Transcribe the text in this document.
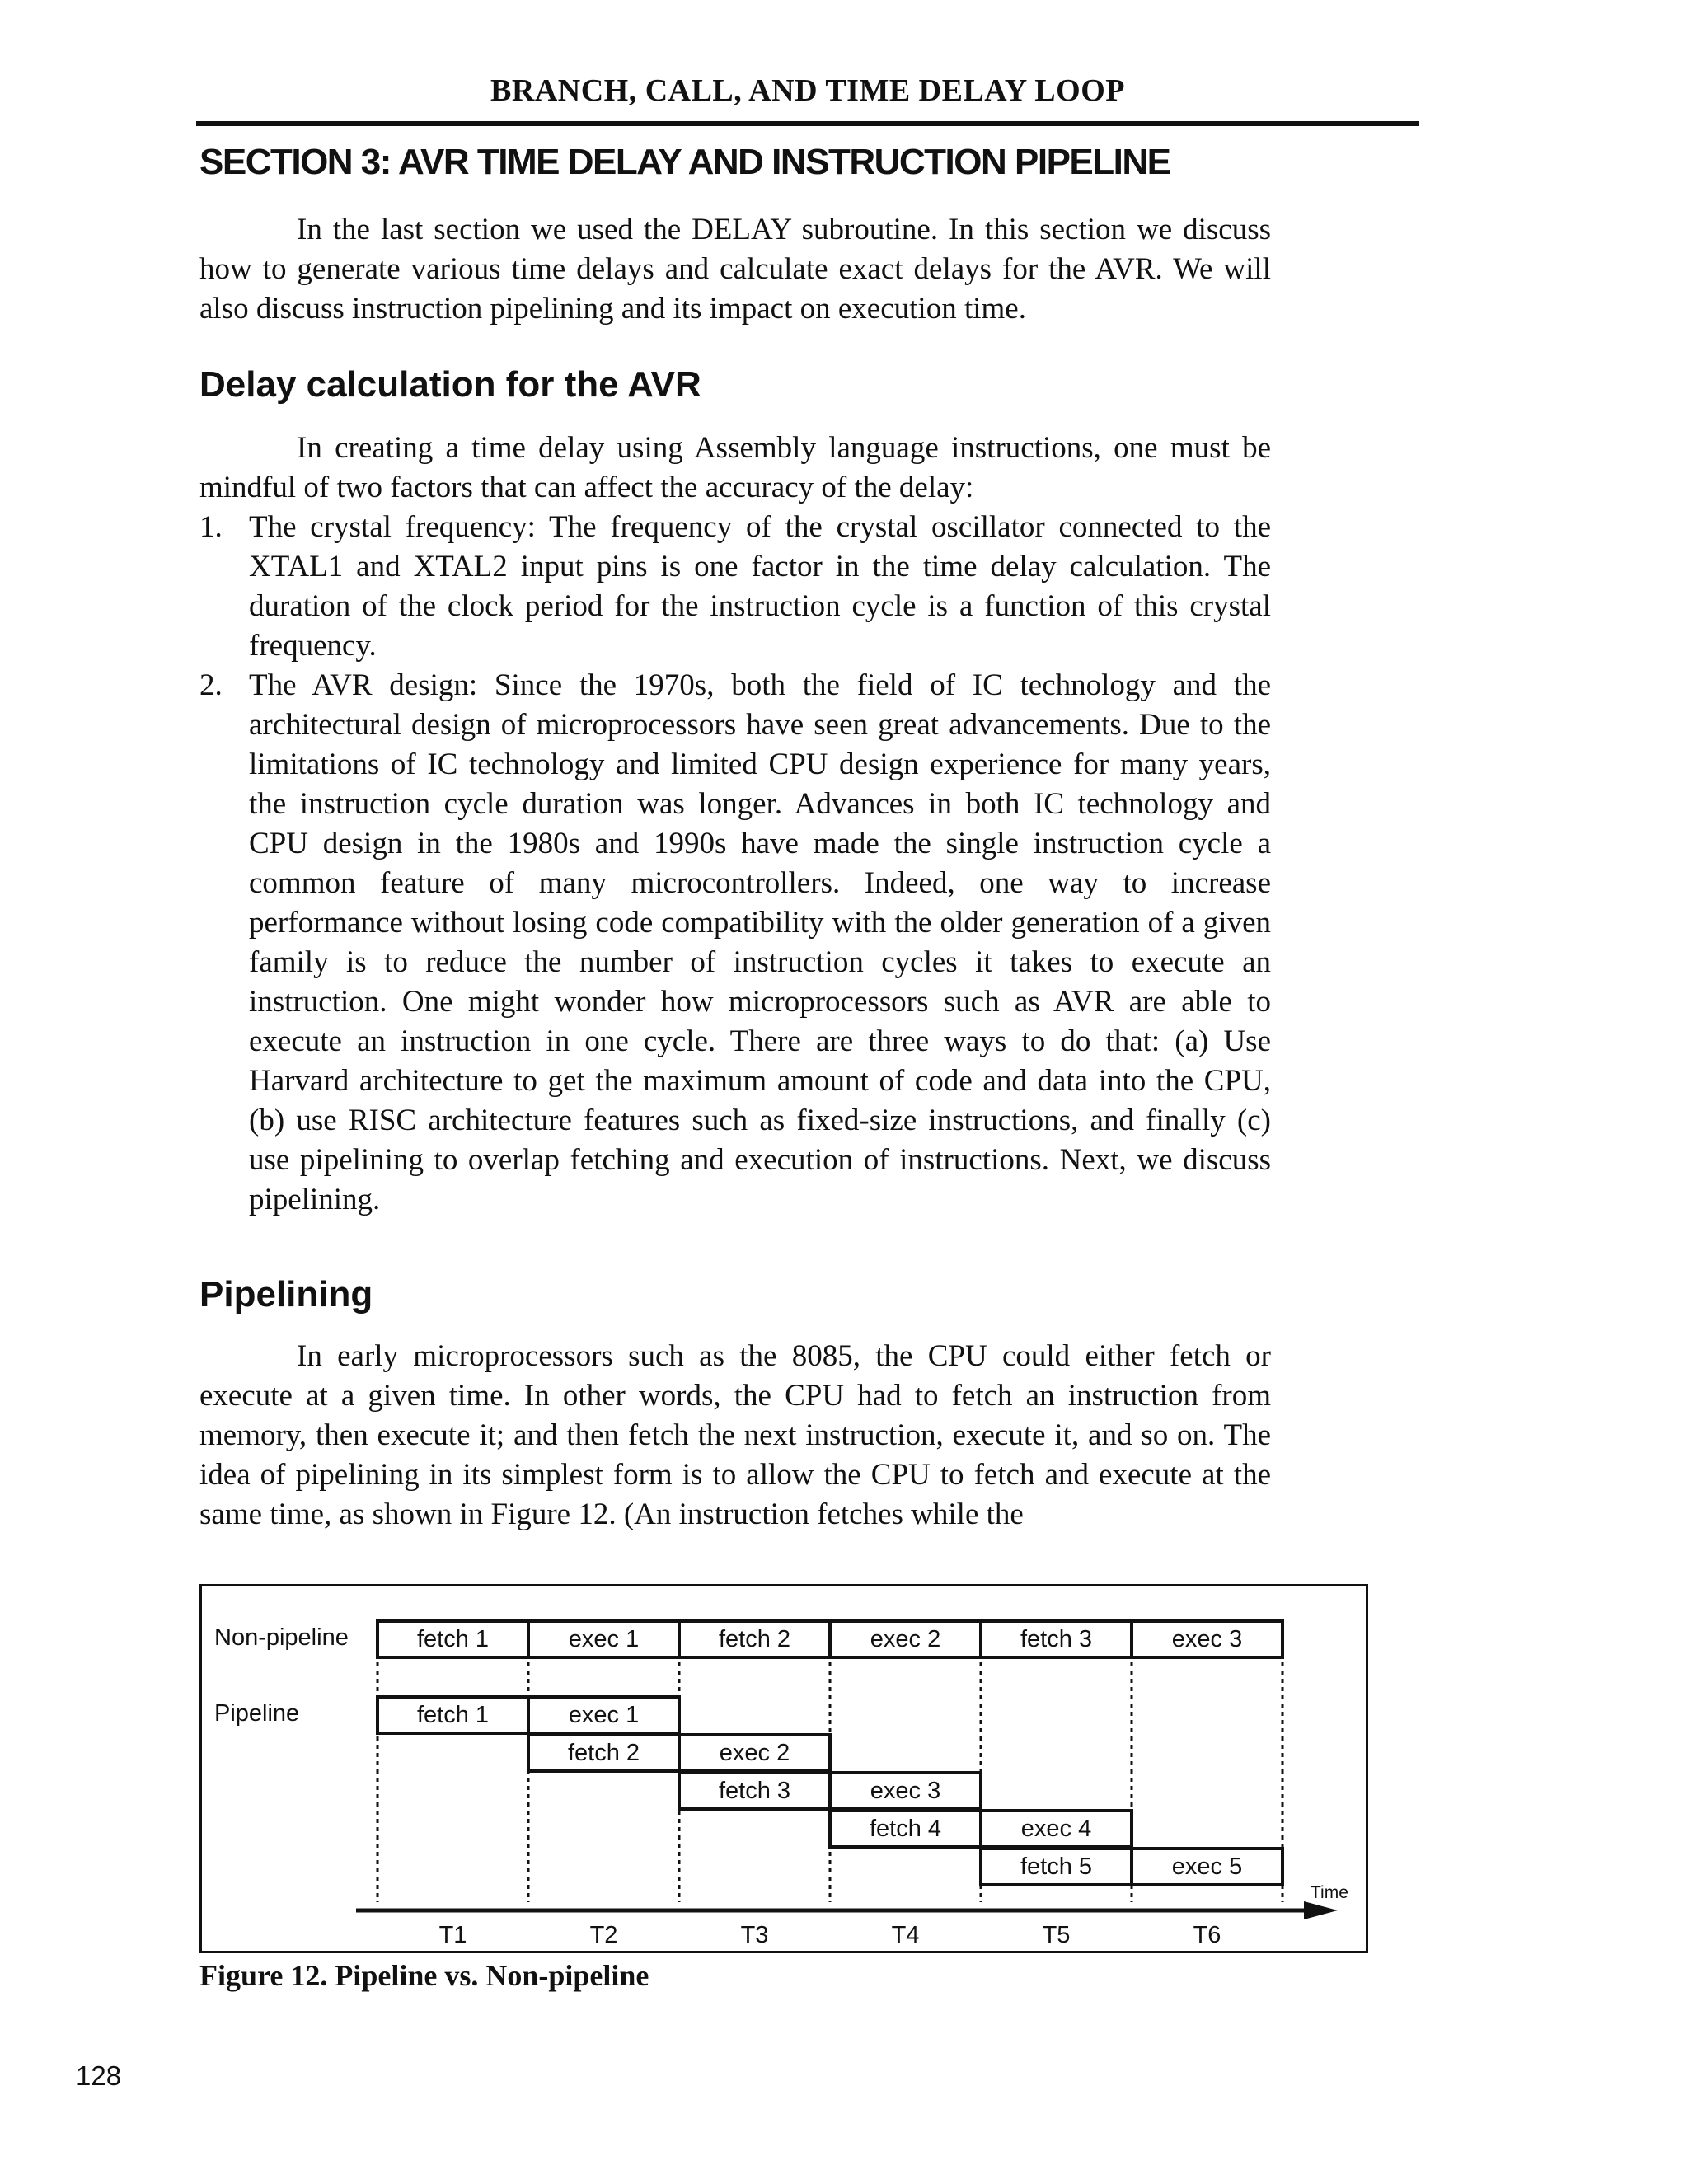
BRANCH, CALL, AND TIME DELAY LOOP
SECTION 3: AVR TIME DELAY AND INSTRUCTION PIPELINE

In the last section we used the DELAY subroutine. In this section we discuss how to generate various time delays and calculate exact delays for the AVR. We will also discuss instruction pipelining and its impact on execution time.

Delay calculation for the AVR

In creating a time delay using Assembly language instructions, one must be mindful of two factors that can affect the accuracy of the delay:

1. The crystal frequency: The frequency of the crystal oscillator connected to the XTAL1 and XTAL2 input pins is one factor in the time delay calculation. The duration of the clock period for the instruction cycle is a function of this crystal frequency.
2. The AVR design: Since the 1970s, both the field of IC technology and the architectural design of microprocessors have seen great advancements. Due to the limitations of IC technology and limited CPU design experience for many years, the instruction cycle duration was longer. Advances in both IC technology and CPU design in the 1980s and 1990s have made the single instruction cycle a common feature of many microcontrollers. Indeed, one way to increase performance without losing code compatibility with the older generation of a given family is to reduce the number of instruction cycles it takes to execute an instruction. One might wonder how microprocessors such as AVR are able to execute an instruction in one cycle. There are three ways to do that: (a) Use Harvard architecture to get the maximum amount of code and data into the CPU, (b) use RISC architecture features such as fixed-size instructions, and finally (c) use pipelining to overlap fetching and execution of instructions. Next, we discuss pipelining.
Pipelining

In early microprocessors such as the 8085, the CPU could either fetch or execute at a given time. In other words, the CPU had to fetch an instruction from memory, then execute it; and then fetch the next instruction, execute it, and so on. The idea of pipelining in its simplest form is to allow the CPU to fetch and execute at the same time, as shown in Figure 12. (An instruction fetches while the

Non-pipeline
Pipeline
fetch 1	exec 1	fetch 2	exec 2	fetch 3	exec 3
fetch 1	exec 1
fetch 2	exec 2
fetch 3	exec 3
fetch 4	exec 4
fetch 5	exec 5
Time
T1	T2	T3	T4	T5	T6
Figure 12. Pipeline vs. Non-pipeline
128
